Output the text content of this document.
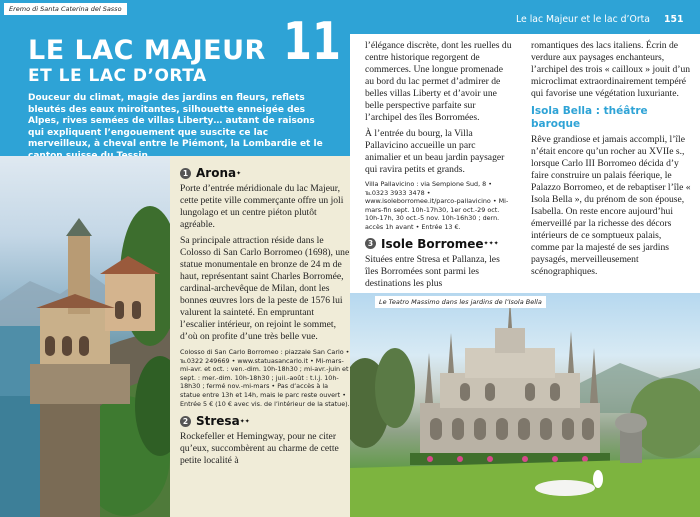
LE LAC MAJEUR
ET LE LAC D’ORTA
11
Douceur du climat, magie des jardins en fleurs, reflets bleutés des eaux miroitantes, silhouette enneigée des Alpes, rives semées de villas Liberty… autant de raisons qui expliquent l’engouement que suscite ce lac merveilleux, à cheval entre le Piémont, la Lombardie et le
Eremo di Santa Caterina del Sasso
1 Arona ✦

Porte d’entrée méridionale du lac Majeur, cette petite ville commerçante offre un joli lungolago et un centre piéton plutôt agréable.

Sa principale attraction réside dans le Colosso di San Carlo Borromeo (1698), une statue monumentale en bronze de 24 m de haut, représentant saint Charles Borromée, cardinal-archevêque de Milan, dont les bonnes œuvres lors de la peste de 1576 lui valurent la sainteté. En empruntant l’escalier intérieur, on rejoint le sommet, d’où on profite d’une très belle vue.

Colosso di San Carlo Borromeo : piazzale San Carlo • ℡0322 249669 • www.statuasancarlo.it • Mi-mars-mi-avr. et oct. : ven.-dim. 10h-18h30 ; mi-avr.-juin et sept. : mer.-dim. 10h-18h30 ; juil.-août : t.l.j. 10h-18h30 ; fermé nov.-mi-mars • Pas d’accès à la statue entre 13h et 14h, mais le parc reste ouvert • Entrée 5 € (10 € avec vis. de l’intérieur de la statue).

2 Stresa ✦✦

Rockefeller et Hemingway, pour ne citer qu’eux, succombèrent au charme de cette petite localité à

Le lac Majeur et le lac d’Orta 151

l’élégance discrète, dont les ruelles du centre historique regorgent de commerces. Une longue promenade au bord du lac permet d’admirer de belles villas Liberty et d’avoir une belle perspective parfaite sur l’archipel des îles Borromées.

À l’entrée du bourg, la Villa Pallavicino accueille un parc animalier et un beau jardin paysager qui ravira petits et grands.

Villa Pallavicino : via Sempione Sud, 8 • ℡0323 3933 3478 • www.isoleborromee.it/parco-pallavicino • Mi-mars-fin sept. 10h-17h30, 1er oct.-29 oct. 10h-17h, 30 oct.-5 nov. 10h-16h30 ; dern. accès 1h avant • Entrée 13 €.

3 Isole Borromee ✦✦✦

Situées entre Stresa et Pallanza, les îles Borromées sont parmi les destinations les plus

romantiques des lacs italiens. Écrin de verdure aux paysages enchanteurs, l’archipel des trois « cailloux » jouit d’un microclimat extraordinairement tempéré qui favorise une végétation luxuriante.

Isola Bella : théâtre baroque

Rêve grandiose et jamais accompli, l’île n’était encore qu’un rocher au XVIIe s., lorsque Carlo III Borromeo décida d’y faire construire un palais féerique, le Palazzo Borromeo, et de rebaptiser l’île « Isola Bella », du prénom de son épouse, Isabella. On reste encore aujourd’hui émerveillé par la richesse des décors intérieurs de ce somptueux palais, comme par la majesté de ses jardins paysagés, merveilleusement scénographiques.

Le Teatro Massimo dans les jardins de l’Isola Bella
